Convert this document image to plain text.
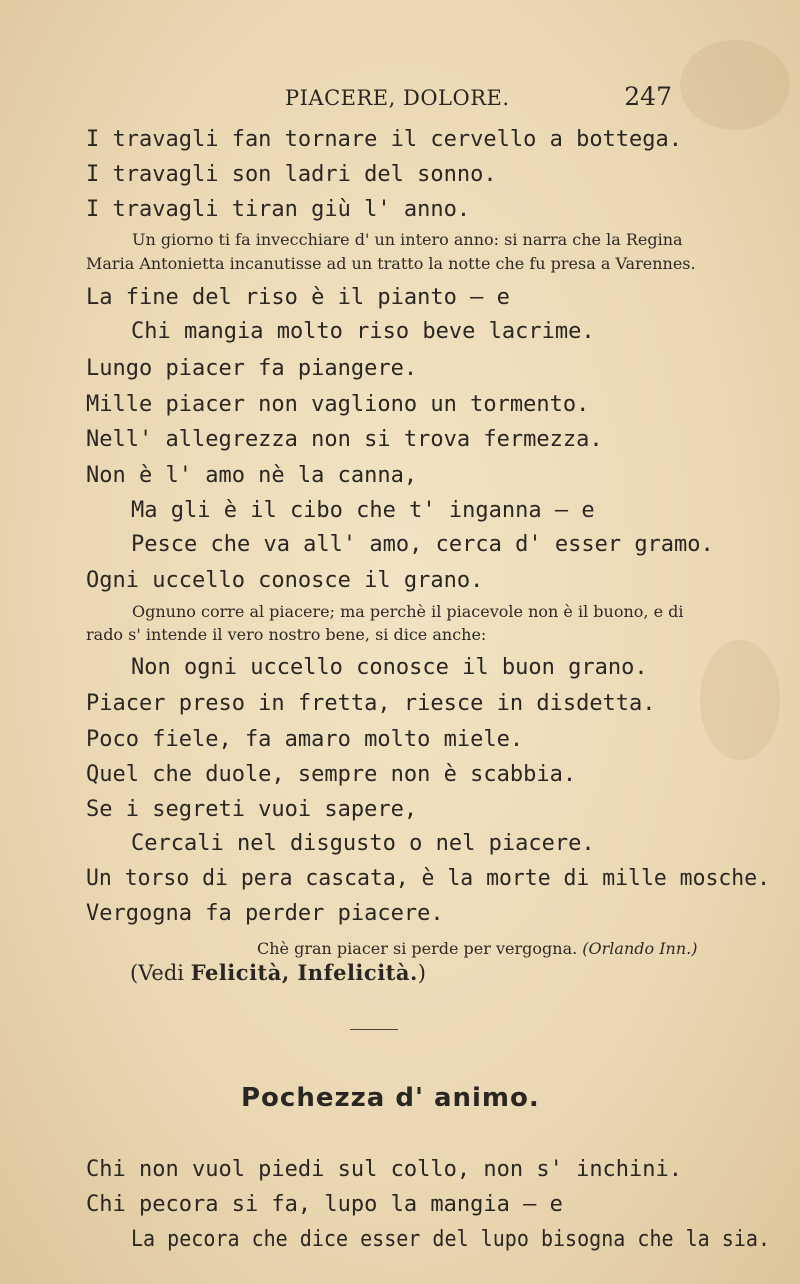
PIACERE, DOLORE.	247
I travagli fan tornare il cervello a bottega.
I travagli son ladri del sonno.
I travagli tiran giù l' anno.
Un giorno ti fa invecchiare d' un intero anno: si narra che la Regina
Maria Antonietta incanutisse ad un tratto la notte che fu presa a Varennes.
La fine del riso è il pianto — e
Chi mangia molto riso beve lacrime.
Lungo piacer fa piangere.
Mille piacer non vagliono un tormento.
Nell' allegrezza non si trova fermezza.
Non è l' amo nè la canna,
Ma gli è il cibo che t' inganna — e
Pesce che va all' amo, cerca d' esser gramo.
Ogni uccello conosce il grano.
Ognuno corre al piacere; ma perchè il piacevole non è il buono, e di
rado s' intende il vero nostro bene, si dice anche:
Non ogni uccello conosce il buon grano.
Piacer preso in fretta, riesce in disdetta.
Poco fiele, fa amaro molto miele.
Quel che duole, sempre non è scabbia.
Se i segreti vuoi sapere,
Cercali nel disgusto o nel piacere.
Un torso di pera cascata, è la morte di mille mosche.
Vergogna fa perder piacere.
Chè gran piacer si perde per vergogna. (Orlando Inn.)
(Vedi Felicità, Infelicità.)
Pochezza d' animo.
Chi non vuol piedi sul collo, non s' inchini.
Chi pecora si fa, lupo la mangia — e
La pecora che dice esser del lupo bisogna che la sia.
